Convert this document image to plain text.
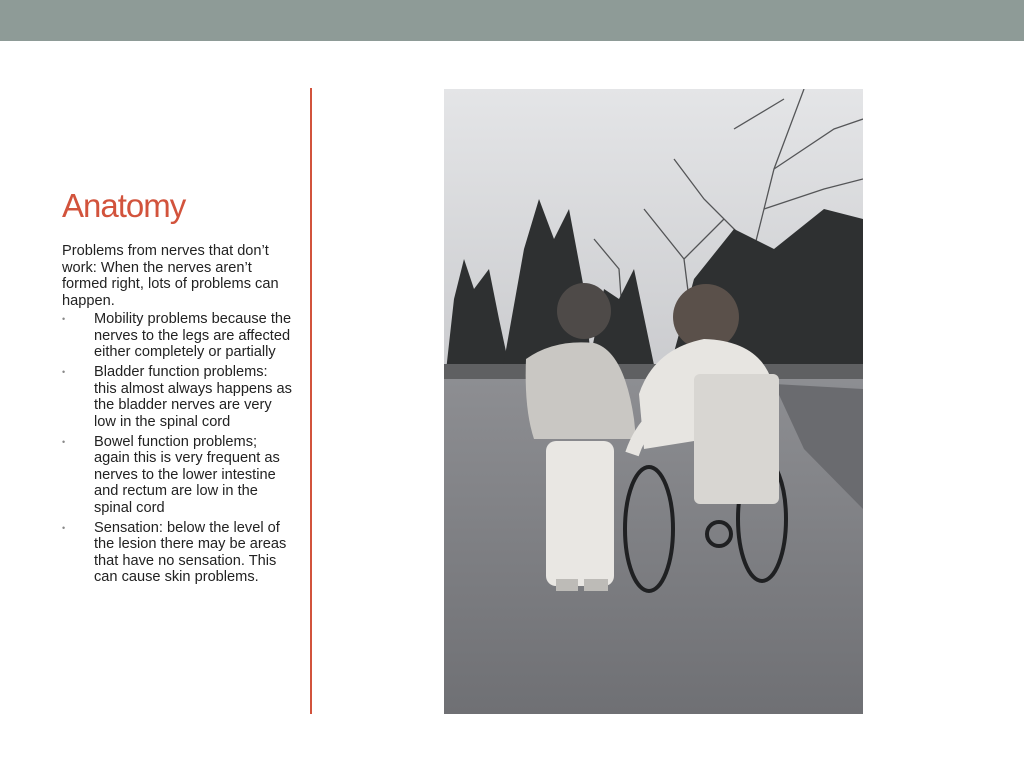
Anatomy

Problems from nerves that don’t work: When the nerves aren’t formed right, lots of problems can happen.

• Mobility problems because the nerves to the legs are affected either completely or partially
• Bladder function problems: this almost always happens as the bladder nerves are very low in the spinal cord
• Bowel function problems; again this is very frequent as nerves to the lower intestine and rectum are low in the spinal cord
• Sensation: below the level of the lesion there may be areas that have no sensation. This can cause skin problems.
